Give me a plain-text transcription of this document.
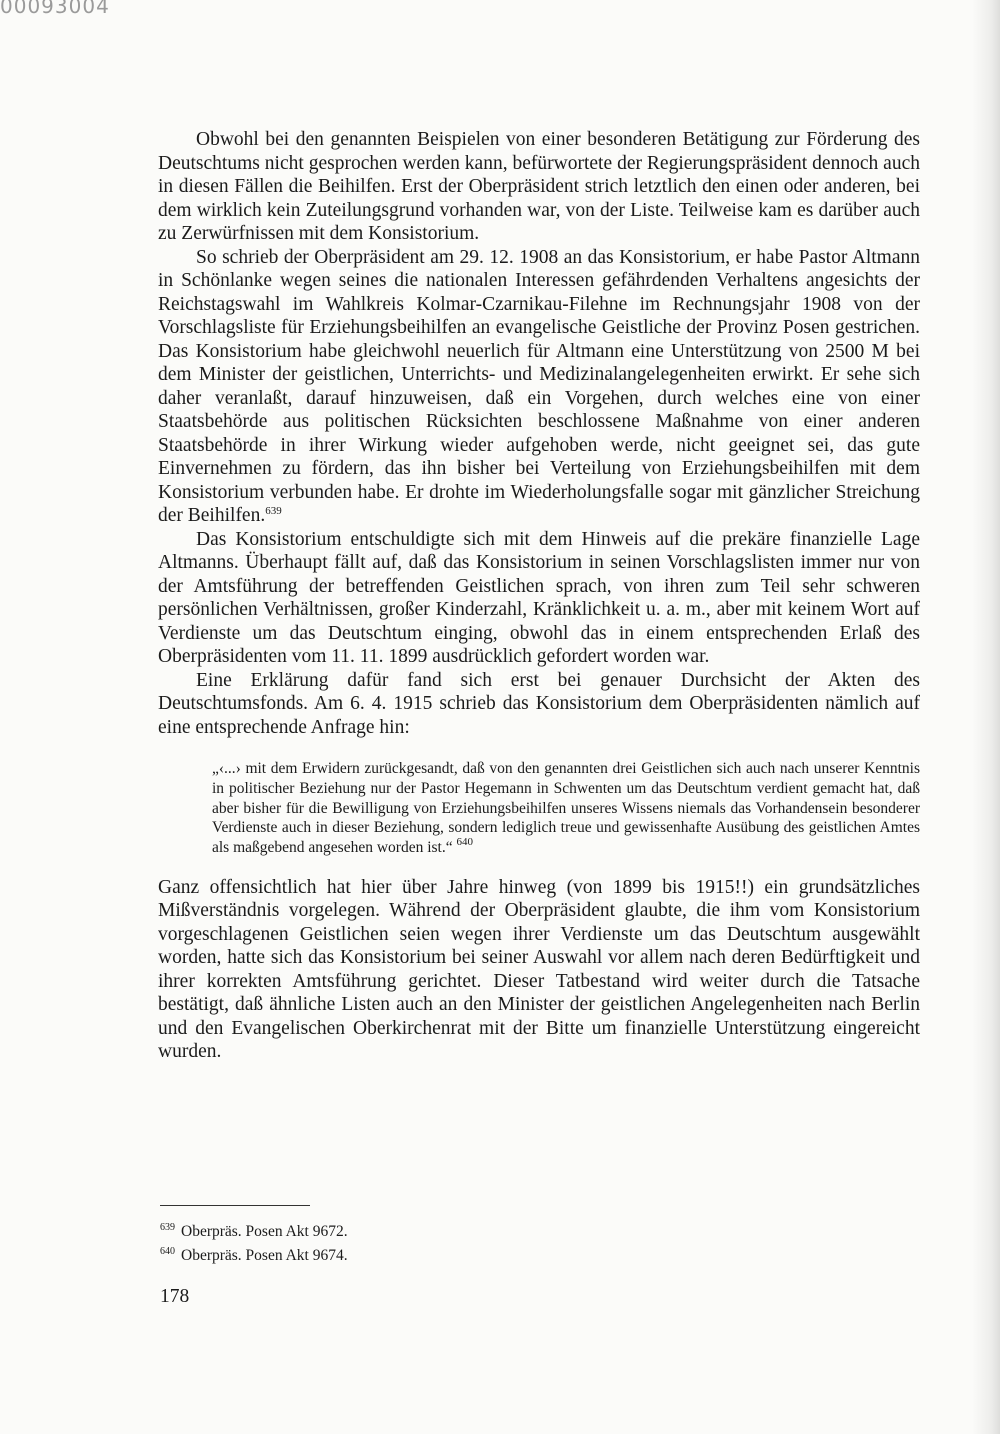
00093004

Obwohl bei den genannten Beispielen von einer besonderen Betätigung zur Förderung des Deutschtums nicht gesprochen werden kann, befürwortete der Regierungspräsident dennoch auch in diesen Fällen die Beihilfen. Erst der Oberpräsident strich letztlich den einen oder anderen, bei dem wirklich kein Zuteilungsgrund vorhanden war, von der Liste. Teilweise kam es darüber auch zu Zerwürfnissen mit dem Konsistorium.

So schrieb der Oberpräsident am 29. 12. 1908 an das Konsistorium, er habe Pastor Altmann in Schönlanke wegen seines die nationalen Interessen gefährdenden Verhaltens angesichts der Reichstagswahl im Wahlkreis Kolmar-Czarnikau-Filehne im Rechnungsjahr 1908 von der Vorschlagsliste für Erziehungsbeihilfen an evangelische Geistliche der Provinz Posen gestrichen. Das Konsistorium habe gleichwohl neuerlich für Altmann eine Unterstützung von 2500 M bei dem Minister der geistlichen, Unterrichts- und Medizinalangelegenheiten erwirkt. Er sehe sich daher veranlaßt, darauf hinzuweisen, daß ein Vorgehen, durch welches eine von einer Staatsbehörde aus politischen Rücksichten beschlossene Maßnahme von einer anderen Staatsbehörde in ihrer Wirkung wieder aufgehoben werde, nicht geeignet sei, das gute Einvernehmen zu fördern, das ihn bisher bei Verteilung von Erziehungsbeihilfen mit dem Konsistorium verbunden habe. Er drohte im Wiederholungsfalle sogar mit gänzlicher Streichung der Beihilfen.$^{639}$

Das Konsistorium entschuldigte sich mit dem Hinweis auf die prekäre finanzielle Lage Altmanns. Überhaupt fällt auf, daß das Konsistorium in seinen Vorschlagslisten immer nur von der Amtsführung der betreffenden Geistlichen sprach, von ihren zum Teil sehr schweren persönlichen Verhältnissen, großer Kinderzahl, Kränklichkeit u. a. m., aber mit keinem Wort auf Verdienste um das Deutschtum einging, obwohl das in einem entsprechenden Erlaß des Oberpräsidenten vom 11. 11. 1899 ausdrücklich gefordert worden war.

Eine Erklärung dafür fand sich erst bei genauer Durchsicht der Akten des Deutschtumsfonds. Am 6. 4. 1915 schrieb das Konsistorium dem Oberpräsidenten nämlich auf eine entsprechende Anfrage hin:

„‹...› mit dem Erwidern zurückgesandt, daß von den genannten drei Geistlichen sich auch nach unserer Kenntnis in politischer Beziehung nur der Pastor Hegemann in Schwenten um das Deutschtum verdient gemacht hat, daß aber bisher für die Bewilligung von Erziehungsbeihilfen unseres Wissens niemals das Vorhandensein besonderer Verdienste auch in dieser Beziehung, sondern lediglich treue und gewissenhafte Ausübung des geistlichen Amtes als maßgebend angesehen worden ist.“ $^{640}$

Ganz offensichtlich hat hier über Jahre hinweg (von 1899 bis 1915!!) ein grundsätzliches Mißverständnis vorgelegen. Während der Oberpräsident glaubte, die ihm vom Konsistorium vorgeschlagenen Geistlichen seien wegen ihrer Verdienste um das Deutschtum ausgewählt worden, hatte sich das Konsistorium bei seiner Auswahl vor allem nach deren Bedürftigkeit und ihrer korrekten Amtsführung gerichtet. Dieser Tatbestand wird weiter durch die Tatsache bestätigt, daß ähnliche Listen auch an den Minister der geistlichen Angelegenheiten nach Berlin und den Evangelischen Oberkirchenrat mit der Bitte um finanzielle Unterstützung eingereicht wurden.

$^{639}$ Oberpräs. Posen Akt 9672.
$^{640}$ Oberpräs. Posen Akt 9674.
178
